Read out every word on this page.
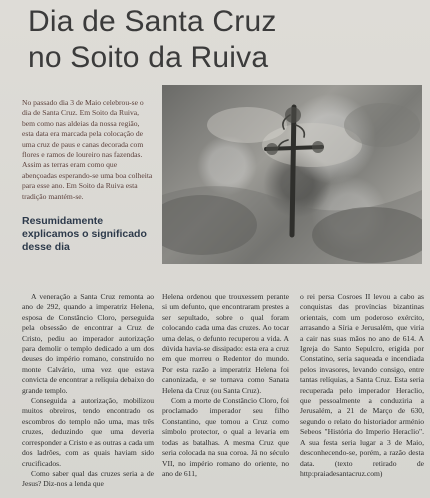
Dia de Santa Cruz
no Soito da Ruiva
No passado dia 3 de Maio celebrou-se o dia de Santa Cruz. Em Soito da Ruiva, bem como nas aldeias da nossa região, esta data era marcada pela colocação de uma cruz de paus e canas decorada com flores e ramos de loureiro nas fazendas. Assim as terras eram como que abençoadas esperando-se uma boa colheita para esse ano. Em Soito da Ruiva esta tradição mantém-se.
Resumidamente explicamos o significado desse dia

A veneração a Santa Cruz remonta ao ano de 292, quando a imperatriz Helena, esposa de Constâncio Cloro, perseguida pela obsessão de encontrar a Cruz de Cristo, pediu ao imperador autorização para demolir o templo dedicado a um dos deuses do império romano, construído no monte Calvário, uma vez que estava convicta de encontrar a relíquia debaixo do grande templo.

Conseguida a autorização, mobilizou muitos obreiros, tendo encontrado os escombros do templo não uma, mas três cruzes, deduzindo que uma deveria corresponder a Cristo e as outras a cada um dos ladrões, com as quais haviam sido crucificados.

Como saber qual das cruzes seria a de Jesus? Diz-nos a lenda que

Helena ordenou que trouxessem perante si um defunto, que encontraram prestes a ser sepultado, sobre o qual foram colocando cada uma das cruzes. Ao tocar uma delas, o defunto recuperou a vida. A dúvida havia-se dissipado: esta era a cruz em que morreu o Redentor do mundo. Por esta razão a imperatriz Helena foi canonizada, e se tornava como Sanata Helena da Cruz (ou Santa Cruz).

Com a morte de Constâncio Cloro, foi proclamado imperador seu filho Constantino, que tomou a Cruz como símbolo protector, o qual a levaria em todas as batalhas. A mesma Cruz que seria colocada na sua coroa. Já no século VII, no império romano do oriente, no ano de 611,

o rei persa Cosroes II levou a cabo as conquistas das províncias bizantinas orientais, com um poderoso exército, arrasando a Síria e Jerusalém, que viria a cair nas suas mãos no ano de 614. A Igreja do Santo Sepulcro, erigida por Constatino, seria saqueada e incendiada pelos invasores, levando consigo, entre tantas relíquias, a Santa Cruz. Esta seria recuperada pelo imperador Heraclio, que pessoalmente a conduziria a Jerusalém, a 21 de Março de 630, segundo o relato do historiador arménio Sebeos "História do Imperio Heraclio". A sua festa seria lugar a 3 de Maio, desconhecendo-se, porém, a razão desta data. (texto retirado de http:praiadesantacruz.com)
